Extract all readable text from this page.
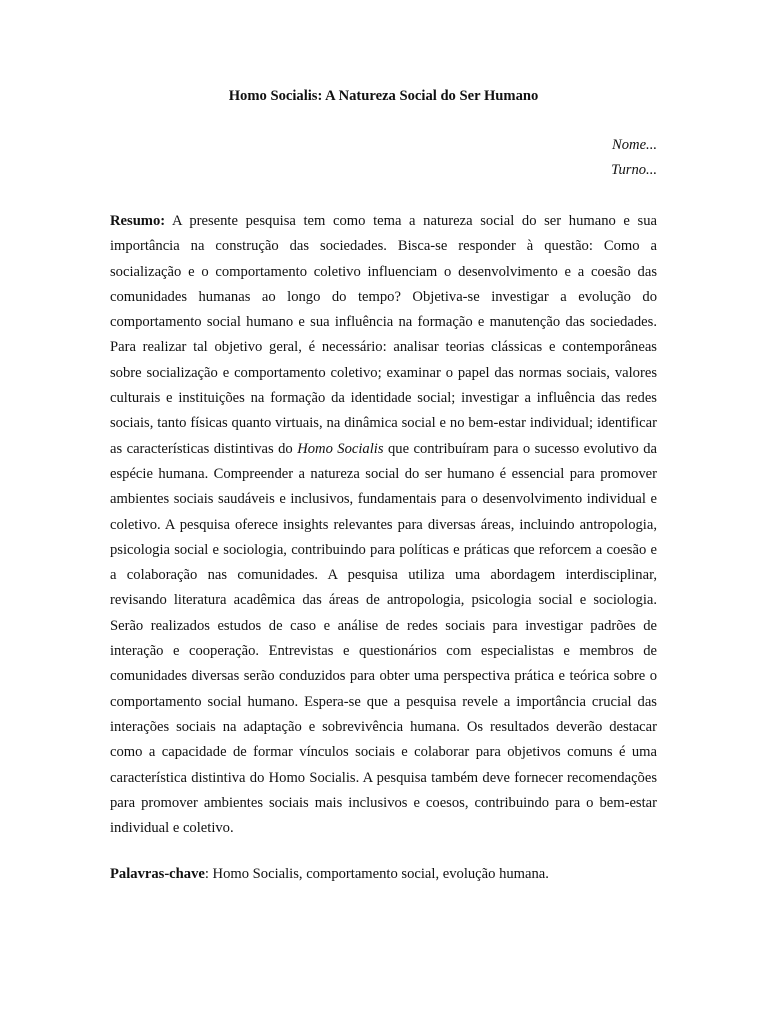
Homo Socialis: A Natureza Social do Ser Humano

Nome...

Turno...

Resumo: A presente pesquisa tem como tema a natureza social do ser humano e sua importância na construção das sociedades. Bisca-se responder à questão: Como a socialização e o comportamento coletivo influenciam o desenvolvimento e a coesão das comunidades humanas ao longo do tempo? Objetiva-se investigar a evolução do comportamento social humano e sua influência na formação e manutenção das sociedades. Para realizar tal objetivo geral, é necessário: analisar teorias clássicas e contemporâneas sobre socialização e comportamento coletivo; examinar o papel das normas sociais, valores culturais e instituições na formação da identidade social; investigar a influência das redes sociais, tanto físicas quanto virtuais, na dinâmica social e no bem-estar individual; identificar as características distintivas do Homo Socialis que contribuíram para o sucesso evolutivo da espécie humana. Compreender a natureza social do ser humano é essencial para promover ambientes sociais saudáveis e inclusivos, fundamentais para o desenvolvimento individual e coletivo. A pesquisa oferece insights relevantes para diversas áreas, incluindo antropologia, psicologia social e sociologia, contribuindo para políticas e práticas que reforcem a coesão e a colaboração nas comunidades. A pesquisa utiliza uma abordagem interdisciplinar, revisando literatura acadêmica das áreas de antropologia, psicologia social e sociologia. Serão realizados estudos de caso e análise de redes sociais para investigar padrões de interação e cooperação. Entrevistas e questionários com especialistas e membros de comunidades diversas serão conduzidos para obter uma perspectiva prática e teórica sobre o comportamento social humano. Espera-se que a pesquisa revele a importância crucial das interações sociais na adaptação e sobrevivência humana. Os resultados deverão destacar como a capacidade de formar vínculos sociais e colaborar para objetivos comuns é uma característica distintiva do Homo Socialis. A pesquisa também deve fornecer recomendações para promover ambientes sociais mais inclusivos e coesos, contribuindo para o bem-estar individual e coletivo.

Palavras-chave: Homo Socialis, comportamento social, evolução humana.
